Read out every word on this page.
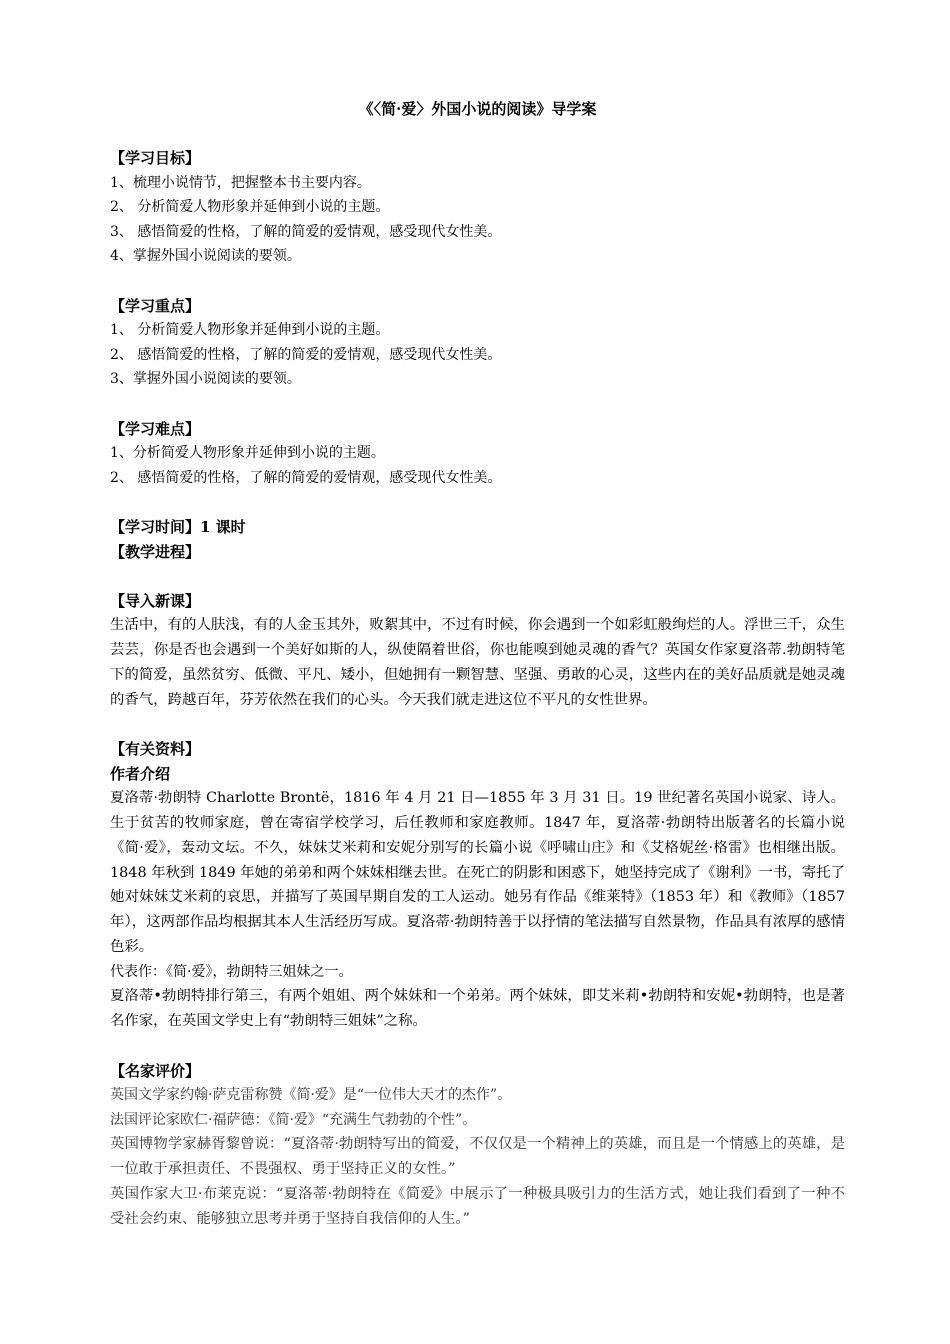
《〈简·爱〉外国小说的阅读》导学案
【学习目标】
1、梳理小说情节，把握整本书主要内容。
2、 分析简爱人物形象并延伸到小说的主题。
3、 感悟简爱的性格，了解的简爱的爱情观，感受现代女性美。
4、掌握外国小说阅读的要领。
【学习重点】
1、 分析简爱人物形象并延伸到小说的主题。
2、 感悟简爱的性格，了解的简爱的爱情观，感受现代女性美。
3、掌握外国小说阅读的要领。
【学习难点】
1、分析简爱人物形象并延伸到小说的主题。
2、 感悟简爱的性格，了解的简爱的爱情观，感受现代女性美。
【学习时间】1 课时
【教学进程】
【导入新课】
生活中，有的人肤浅，有的人金玉其外，败絮其中，不过有时候，你会遇到一个如彩虹般绚烂的人。浮世三千，众生芸芸，你是否也会遇到一个美好如斯的人，纵使隔着世俗，你也能嗅到她灵魂的香气？英国女作家夏洛蒂.勃朗特笔下的简爱，虽然贫穷、低微、平凡、矮小，但她拥有一颗智慧、坚强、勇敢的心灵，这些内在的美好品质就是她灵魂的香气，跨越百年，芬芳依然在我们的心头。今天我们就走进这位不平凡的女性世界。
【有关资料】
作者介绍
夏洛蒂·勃朗特 Charlotte Brontë，1816 年 4 月 21 日—1855 年 3 月 31 日。19 世纪著名英国小说家、诗人。生于贫苦的牧师家庭，曾在寄宿学校学习，后任教师和家庭教师。1847 年，夏洛蒂·勃朗特出版著名的长篇小说《简·爱》，轰动文坛。不久，妹妹艾米莉和安妮分别写的长篇小说《呼啸山庄》和《艾格妮丝·格雷》也相继出版。1848 年秋到 1849 年她的弟弟和两个妹妹相继去世。在死亡的阴影和困惑下，她坚持完成了《谢利》一书，寄托了她对妹妹艾米莉的哀思，并描写了英国早期自发的工人运动。她另有作品《维莱特》（1853 年）和《教师》（1857 年），这两部作品均根据其本人生活经历写成。夏洛蒂·勃朗特善于以抒情的笔法描写自然景物，作品具有浓厚的感情色彩。
代表作：《简·爱》，勃朗特三姐妹之一。
夏洛蒂•勃朗特排行第三，有两个姐姐、两个妹妹和一个弟弟。两个妹妹，即艾米莉•勃朗特和安妮•勃朗特，也是著名作家，在英国文学史上有“勃朗特三姐妹”之称。
【名家评价】
英国文学家约翰·萨克雷称赞《简·爱》是“一位伟大天才的杰作”。
法国评论家欧仁·福萨德：《简·爱》“充满生气勃勃的个性”。
英国博物学家赫胥黎曾说：“夏洛蒂·勃朗特写出的简爱，不仅仅是一个精神上的英雄，而且是一个情感上的英雄，是一位敢于承担责任、不畏强权、勇于坚持正义的女性。”
英国作家大卫·布莱克说：“夏洛蒂·勃朗特在《简爱》中展示了一种极具吸引力的生活方式，她让我们看到了一种不受社会约束、能够独立思考并勇于坚持自我信仰的人生。”
